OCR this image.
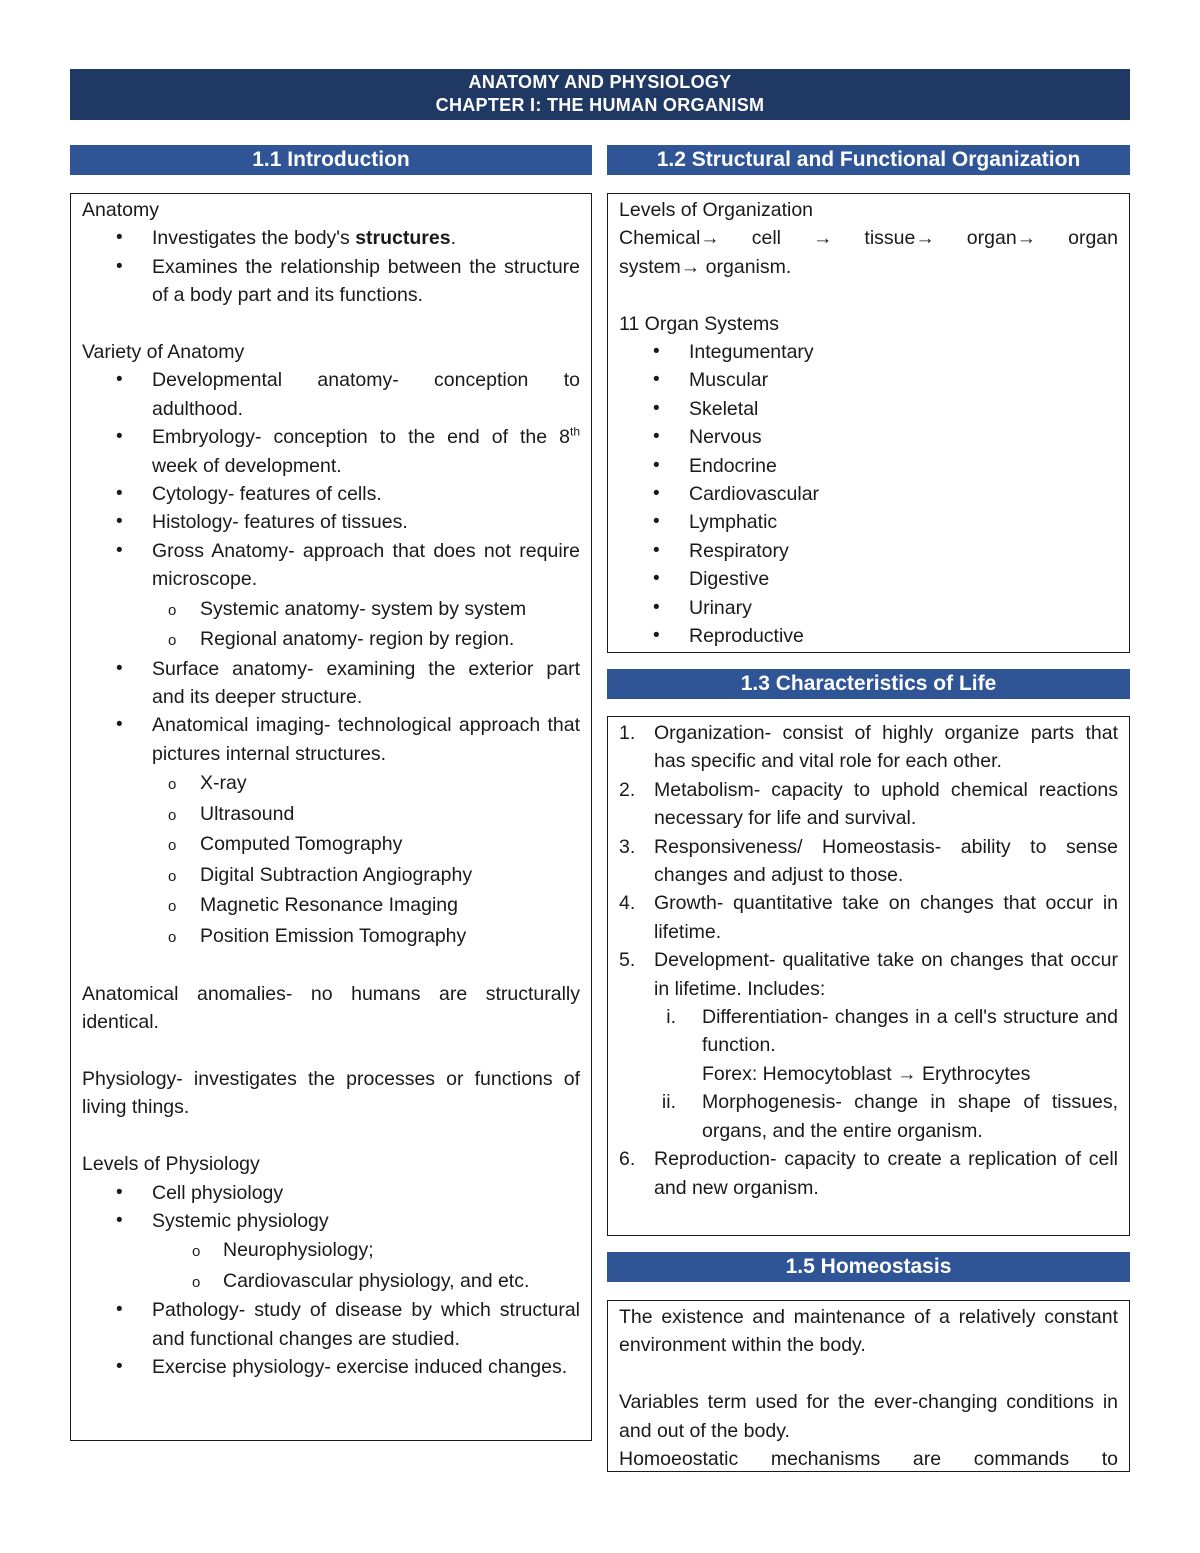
ANATOMY AND PHYSIOLOGY
CHAPTER I: THE HUMAN ORGANISM
1.1 Introduction

Anatomy

• Investigates the body's structures.
• Examines the relationship between the structure of a body part and its functions.

Variety of Anatomy

• Developmental anatomy- conception to adulthood.
• Embryology- conception to the end of the 8th week of development.
• Cytology- features of cells.
• Histology- features of tissues.
• Gross Anatomy- approach that does not require microscope.
o Systemic anatomy- system by system
o Regional anatomy- region by region.
• Surface anatomy- examining the exterior part and its deeper structure.
• Anatomical imaging- technological approach that pictures internal structures.
o X-ray
o Ultrasound
o Computed Tomography
o Digital Subtraction Angiography
o Magnetic Resonance Imaging
o Position Emission Tomography

Anatomical anomalies- no humans are structurally identical.

Physiology- investigates the processes or functions of living things.

Levels of Physiology

• Cell physiology
• Systemic physiology
o Neurophysiology;
o Cardiovascular physiology, and etc.
• Pathology- study of disease by which structural and functional changes are studied.
• Exercise physiology- exercise induced changes.
1.2 Structural and Functional Organization

Levels of Organization

Chemical→ cell → tissue→ organ→ organ

system→ organism.

11 Organ Systems

• Integumentary
• Muscular
• Skeletal
• Nervous
• Endocrine
• Cardiovascular
• Lymphatic
• Respiratory
• Digestive
• Urinary
• Reproductive
1.3 Characteristics of Life
1. Organization- consist of highly organize parts that has specific and vital role for each other.
2. Metabolism- capacity to uphold chemical reactions necessary for life and survival.
3. Responsiveness/ Homeostasis- ability to sense changes and adjust to those.
4. Growth- quantitative take on changes that occur in lifetime.
5. Development- qualitative take on changes that occur in lifetime. Includes:
i. Differentiation- changes in a cell's structure and function.

Forex: Hemocytoblast → Erythrocytes

ii. Morphogenesis- change in shape of tissues, organs, and the entire organism.
6. Reproduction- capacity to create a replication of cell and new organism.
1.5 Homeostasis

The existence and maintenance of a relatively constant environment within the body.

Variables term used for the ever-changing conditions in and out of the body.

Homoeostatic mechanisms are commands to
